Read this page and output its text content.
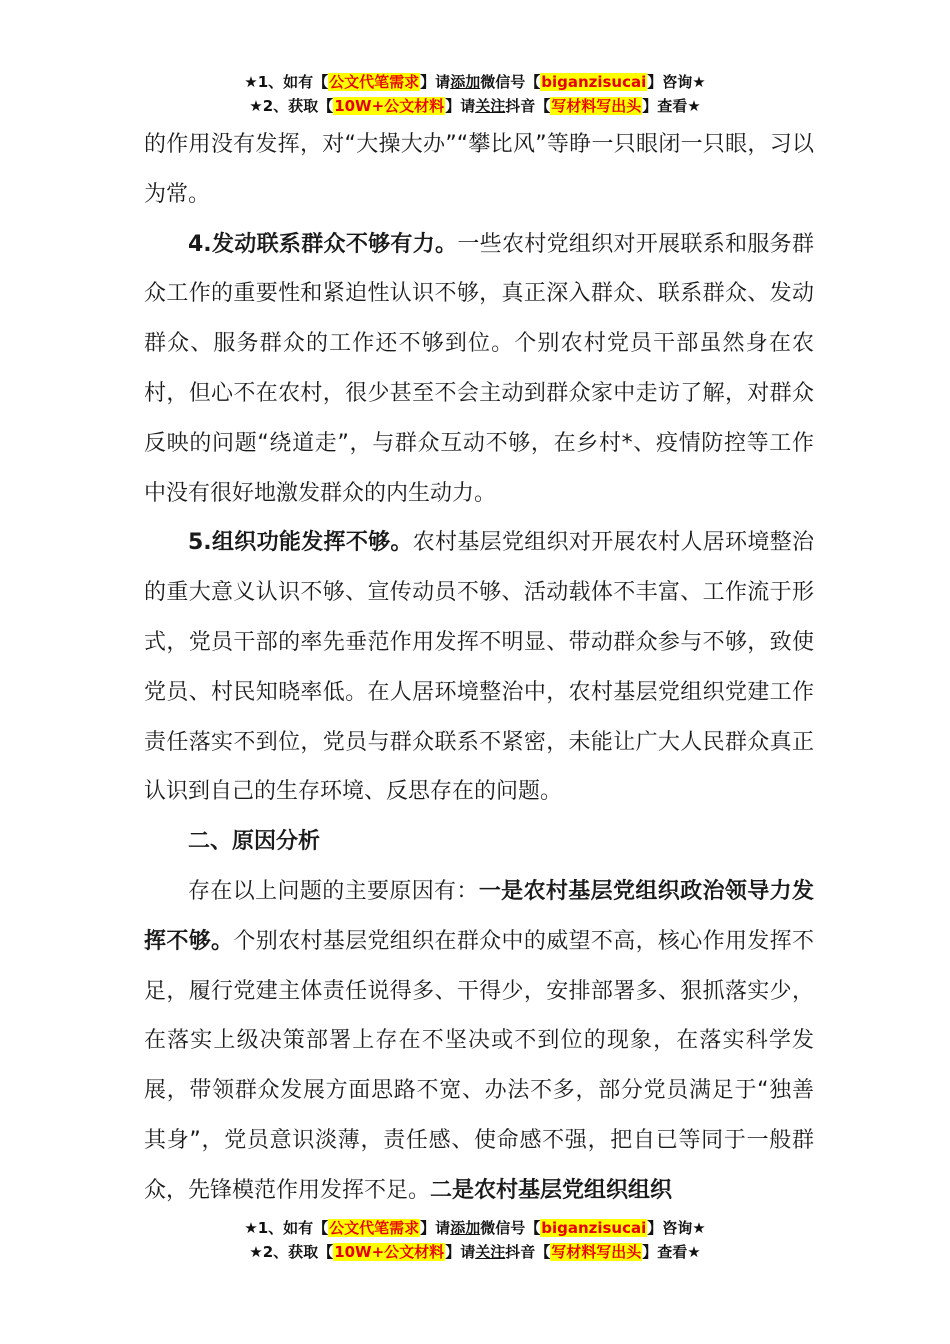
★1、如有【公文代笔需求】请添加微信号【biganzisucai】咨询★
★2、获取【10W+公文材料】请关注抖音【写材料写出头】查看★

的作用没有发挥，对“大操大办”“攀比风”等睁一只眼闭一只眼，习以为常。

4.发动联系群众不够有力。一些农村党组织对开展联系和服务群众工作的重要性和紧迫性认识不够，真正深入群众、联系群众、发动群众、服务群众的工作还不够到位。个别农村党员干部虽然身在农村，但心不在农村，很少甚至不会主动到群众家中走访了解，对群众反映的问题“绕道走”，与群众互动不够，在乡村*、疫情防控等工作中没有很好地激发群众的内生动力。

5.组织功能发挥不够。农村基层党组织对开展农村人居环境整治的重大意义认识不够、宣传动员不够、活动载体不丰富、工作流于形式，党员干部的率先垂范作用发挥不明显、带动群众参与不够，致使党员、村民知晓率低。在人居环境整治中，农村基层党组织党建工作责任落实不到位，党员与群众联系不紧密，未能让广大人民群众真正认识到自己的生存环境、反思存在的问题。

二、原因分析

存在以上问题的主要原因有：一是农村基层党组织政治领导力发挥不够。个别农村基层党组织在群众中的威望不高，核心作用发挥不足，履行党建主体责任说得多、干得少，安排部署多、狠抓落实少，在落实上级决策部署上存在不坚决或不到位的现象，在落实科学发展，带领群众发展方面思路不宽、办法不多，部分党员满足于“独善其身”，党员意识淡薄，责任感、使命感不强，把自已等同于一般群众，先锋模范作用发挥不足。二是农村基层党组织组织

★1、如有【公文代笔需求】请添加微信号【biganzisucai】咨询★
★2、获取【10W+公文材料】请关注抖音【写材料写出头】查看★
